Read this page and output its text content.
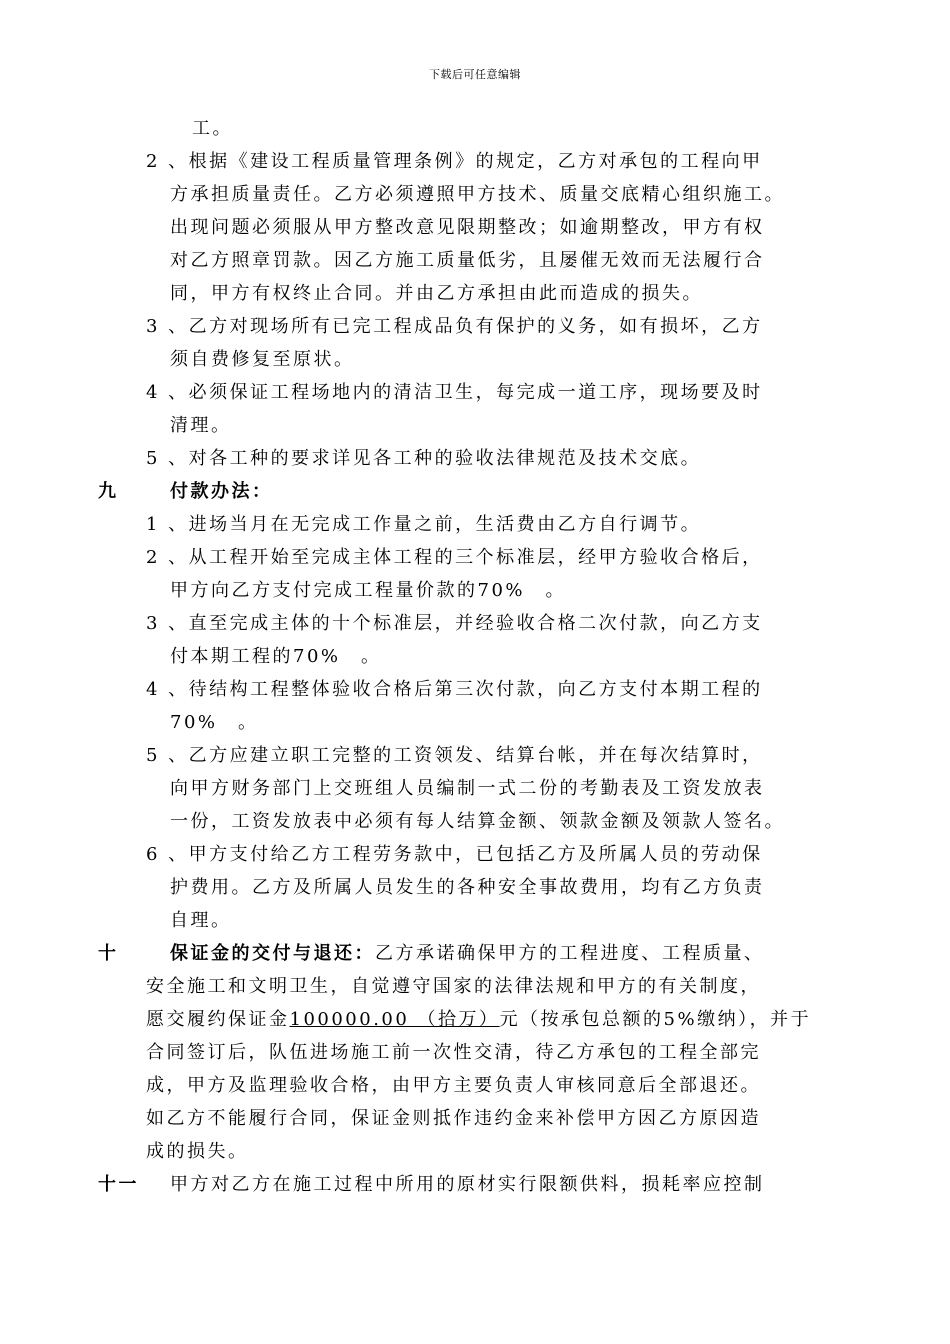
下载后可任意编辑
工。
2 、根据《建设工程质量管理条例》的规定，乙方对承包的工程向甲
方承担质量责任。乙方必须遵照甲方技术、质量交底精心组织施工。
出现问题必须服从甲方整改意见限期整改；如逾期整改，甲方有权
对乙方照章罚款。因乙方施工质量低劣，且屡催无效而无法履行合
同，甲方有权终止合同。并由乙方承担由此而造成的损失。
3 、乙方对现场所有已完工程成品负有保护的义务，如有损坏，乙方
须自费修复至原状。
4 、必须保证工程场地内的清洁卫生，每完成一道工序，现场要及时
清理。
5 、对各工种的要求详见各工种的验收法律规范及技术交底。
九	付款办法：
1 、进场当月在无完成工作量之前，生活费由乙方自行调节。
2 、从工程开始至完成主体工程的三个标准层，经甲方验收合格后，
甲方向乙方支付完成工程量价款的70%　。
3 、直至完成主体的十个标准层，并经验收合格二次付款，向乙方支
付本期工程的70%　。
4 、待结构工程整体验收合格后第三次付款，向乙方支付本期工程的
70%　。
5 、乙方应建立职工完整的工资领发、结算台帐，并在每次结算时，
向甲方财务部门上交班组人员编制一式二份的考勤表及工资发放表
一份，工资发放表中必须有每人结算金额、领款金额及领款人签名。
6 、甲方支付给乙方工程劳务款中，已包括乙方及所属人员的劳动保
护费用。乙方及所属人员发生的各种安全事故费用，均有乙方负责
自理。
十	保证金的交付与退还：乙方承诺确保甲方的工程进度、工程质量、
安全施工和文明卫生，自觉遵守国家的法律法规和甲方的有关制度，
愿交履约保证金100000.00 （拾万）元（按承包总额的5%缴纳），并于
合同签订后，队伍进场施工前一次性交清，待乙方承包的工程全部完
成，甲方及监理验收合格，由甲方主要负责人审核同意后全部退还。
如乙方不能履行合同，保证金则抵作违约金来补偿甲方因乙方原因造
成的损失。
十一 甲方对乙方在施工过程中所用的原材实行限额供料，损耗率应控制
